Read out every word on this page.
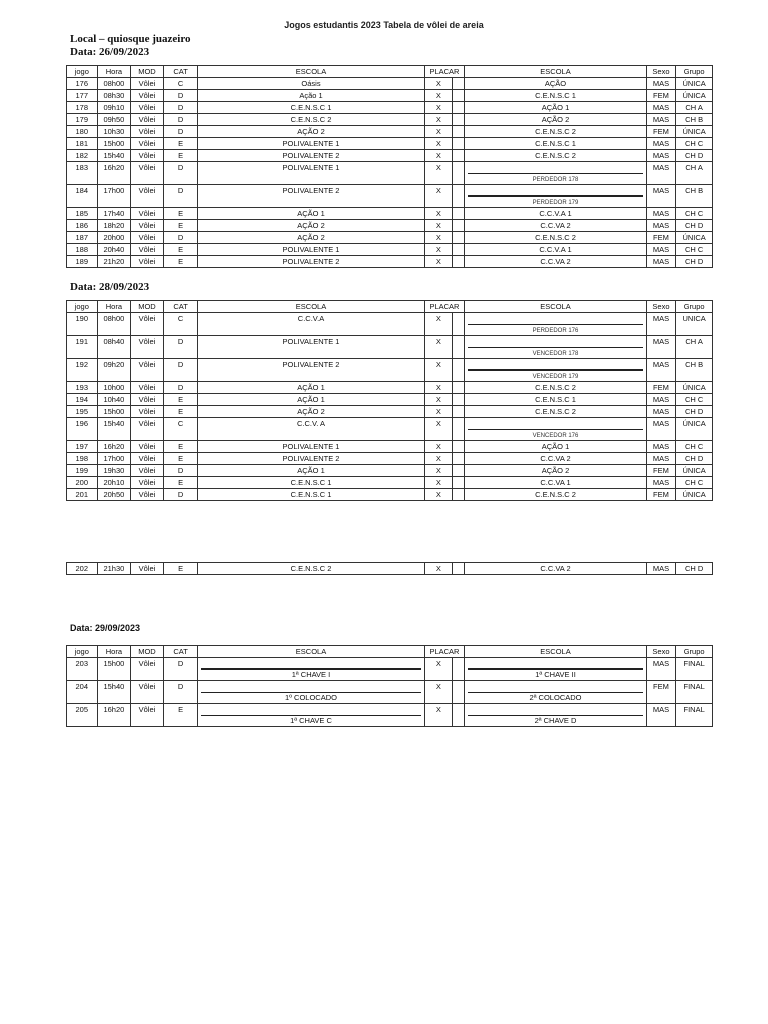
Jogos estudantis 2023 Tabela de vôlei de areia
Local – quiosque juazeiro
Data: 26/09/2023
jogo	Hora	MOD	CAT	ESCOLA	PLACAR		ESCOLA	Sexo	Grupo
176	08h00	Vôlei	C	Oásis	X		AÇÃO	MAS	ÚNICA
177	08h30	Vôlei	D	Ação 1	X		C.E.N.S.C 1	FEM	ÚNICA
178	09h10	Vôlei	D	C.E.N.S.C 1	X		AÇÃO 1	MAS	CH A
179	09h50	Vôlei	D	C.E.N.S.C 2	X		AÇÃO 2	MAS	CH B
180	10h30	Vôlei	D	AÇÃO 2	X		C.E.N.S.C 2	FEM	ÚNICA
181	15h00	Vôlei	E	POLIVALENTE 1	X		C.E.N.S.C 1	MAS	CH C
182	15h40	Vôlei	E	POLIVALENTE 2	X		C.E.N.S.C 2	MAS	CH D
183	16h20	Vôlei	D	POLIVALENTE 1	X		PERDEDOR 178	MAS	CH A
184	17h00	Vôlei	D	POLIVALENTE 2	X		PERDEDOR 179	MAS	CH B
185	17h40	Vôlei	E	AÇÃO 1	X		C.C.V.A 1	MAS	CH C
186	18h20	Vôlei	E	AÇÃO 2	X		C.C.VA 2	MAS	CH D
187	20h00	Vôlei	D	AÇÃO 2	X		C.E.N.S.C 2	FEM	ÚNICA
188	20h40	Vôlei	E	POLIVALENTE 1	X		C.C.V.A 1	MAS	CH C
189	21h20	Vôlei	E	POLIVALENTE 2	X		C.C.VA 2	MAS	CH D
Data: 28/09/2023
jogo	Hora	MOD	CAT	ESCOLA	PLACAR		ESCOLA	Sexo	Grupo
190	08h00	Vôlei	C	C.C.V.A	X		PERDEDOR 176	MAS	UNICA
191	08h40	Vôlei	D	POLIVALENTE 1	X		VENCEDOR 178	MAS	CH A
192	09h20	Vôlei	D	POLIVALENTE 2	X		VENCEDOR 179	MAS	CH B
193	10h00	Vôlei	D	AÇÃO 1	X		C.E.N.S.C 2	FEM	ÚNICA
194	10h40	Vôlei	E	AÇÃO 1	X		C.E.N.S.C 1	MAS	CH C
195	15h00	Vôlei	E	AÇÃO 2	X		C.E.N.S.C 2	MAS	CH D
196	15h40	Vôlei	C	C.C.V. A	X		VENCEDOR 176	MAS	ÚNICA
197	16h20	Vôlei	E	POLIVALENTE 1	X		AÇÃO 1	MAS	CH C
198	17h00	Vôlei	E	POLIVALENTE 2	X		C.C.VA 2	MAS	CH D
199	19h30	Vôlei	D	AÇÃO 1	X		AÇÃO 2	FEM	ÚNICA
200	20h10	Vôlei	E	C.E.N.S.C 1	X		C.C.VA 1	MAS	CH C
201	20h50	Vôlei	D	C.E.N.S.C 1	X		C.E.N.S.C 2	FEM	ÚNICA
202	21h30	Vôlei	E	C.E.N.S.C 2	X		C.C.VA 2	MAS	CH D
Data: 29/09/2023
jogo	Hora	MOD	CAT	ESCOLA	PLACAR		ESCOLA	Sexo	Grupo
203	15h00	Vôlei	D	1ª CHAVE I	X		1ª CHAVE II	MAS	FINAL
204	15h40	Vôlei	D	1º COLOCADO	X		2ª COLOCADO	FEM	FINAL
205	16h20	Vôlei	E	1ª CHAVE C	X		2ª CHAVE D	MAS	FINAL
